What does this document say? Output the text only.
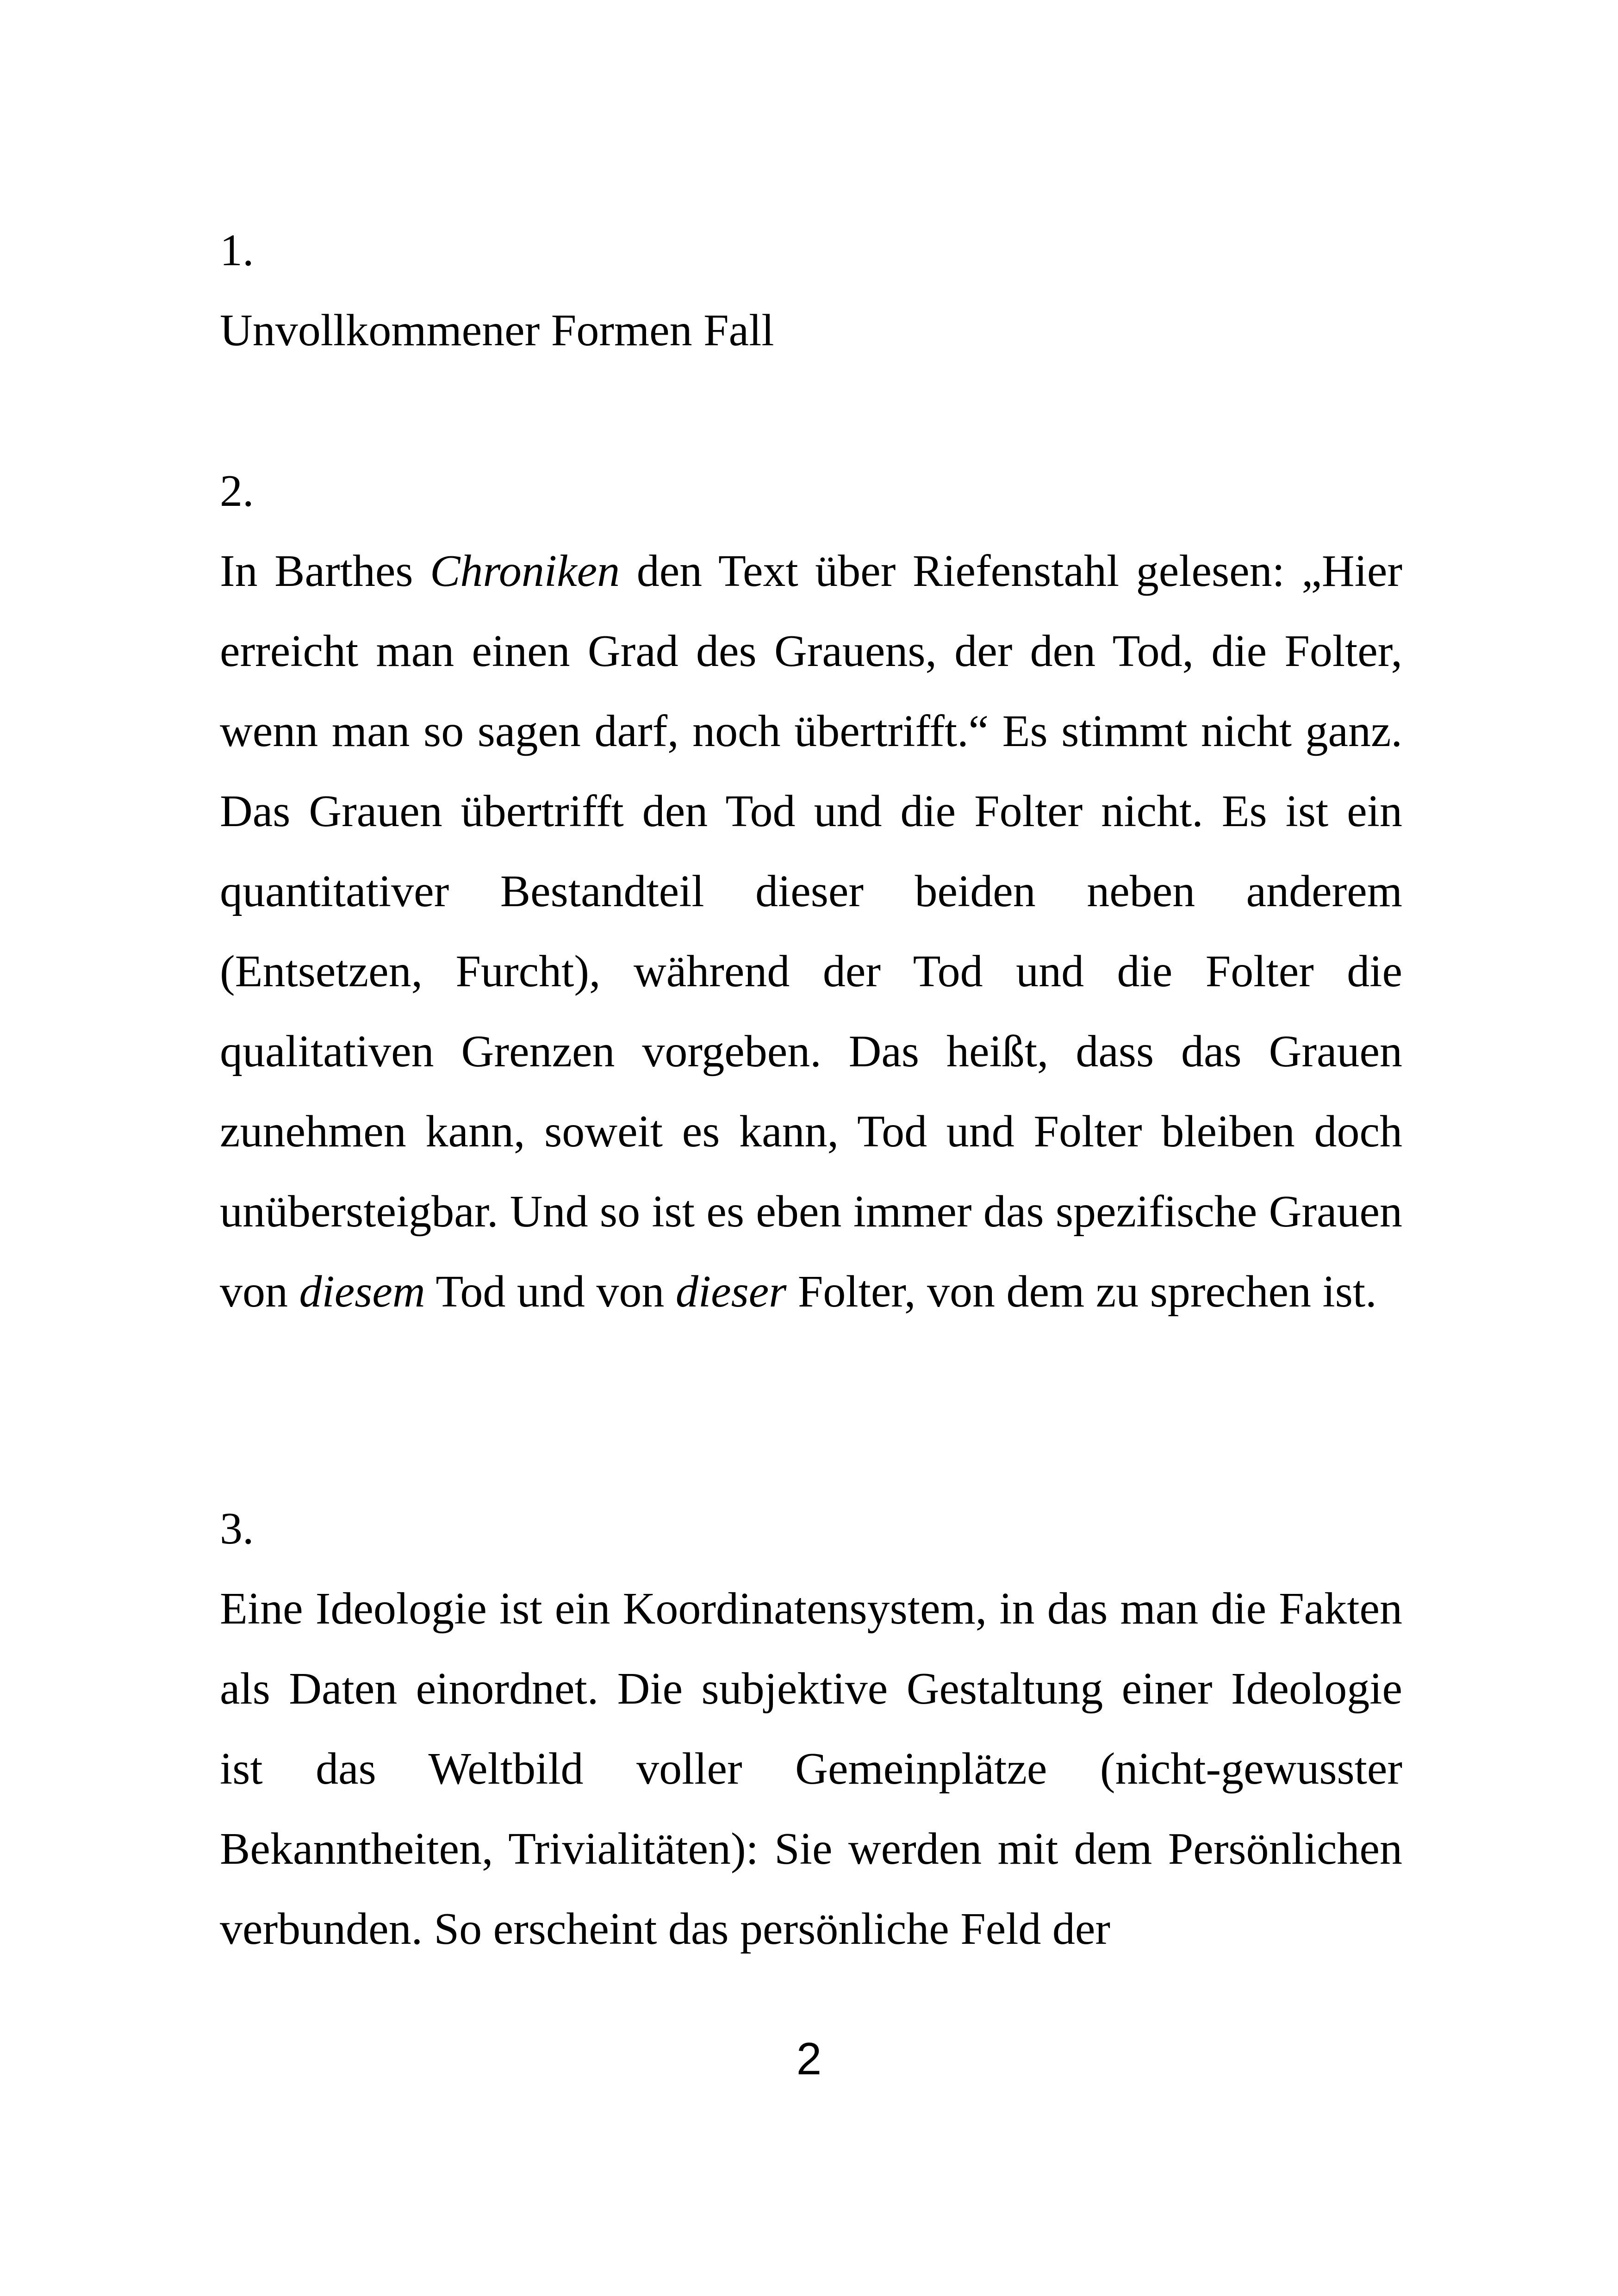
1.

Unvollkommener Formen Fall

2.

In Barthes Chroniken den Text über Riefenstahl gelesen: „Hier erreicht man einen Grad des Grauens, der den Tod, die Folter, wenn man so sagen darf, noch übertrifft.“ Es stimmt nicht ganz. Das Grauen übertrifft den Tod und die Folter nicht. Es ist ein quantitativer Bestandteil dieser beiden neben anderem (Entsetzen, Furcht), während der Tod und die Folter die qualitativen Grenzen vorgeben. Das heißt, dass das Grauen zunehmen kann, soweit es kann, Tod und Folter bleiben doch unübersteigbar. Und so ist es eben immer das spezifische Grauen von diesem Tod und von dieser Folter, von dem zu sprechen ist.

3.

Eine Ideologie ist ein Koordinatensystem, in das man die Fakten als Daten einordnet. Die subjektive Gestaltung einer Ideologie ist das Weltbild voller Gemeinplätze (nicht-gewusster Bekanntheiten, Trivialitäten): Sie werden mit dem Persönlichen verbunden. So erscheint das persönliche Feld der

2
